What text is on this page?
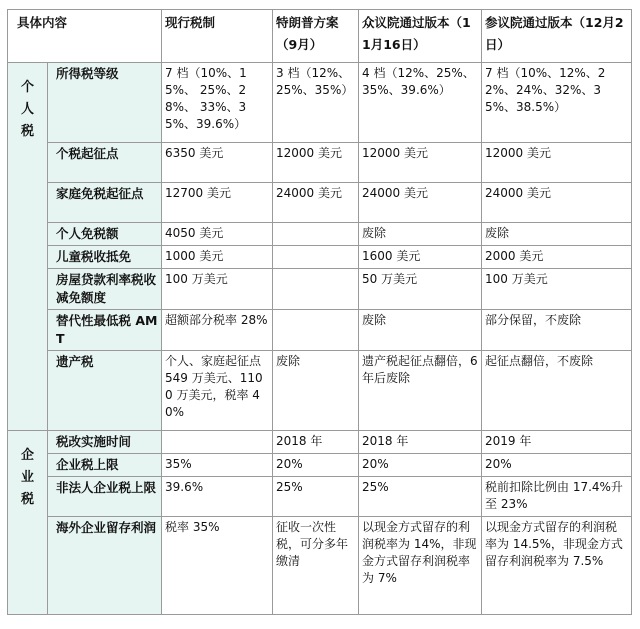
具体内容		现行税制	特朗普方案（9月）	众议院通过版本（11月16日）	参议院通过版本（12月2日）

个人税	所得税等级	7 档（10%、15%、 25%、28%、 33%、35%、39.6%）	3 档（12%、25%、35%）	4 档（12%、25%、35%、39.6%）	7 档（10%、12%、22%、24%、32%、35%、38.5%）
	个税起征点	6350 美元	12000 美元	12000 美元	12000 美元
	家庭免税起征点	12700 美元	24000 美元	24000 美元	24000 美元
	个人免税额	4050 美元		废除	废除
	儿童税收抵免	1000 美元		1600 美元	2000 美元
	房屋贷款利率税收减免额度	100 万美元		50 万美元	100 万美元
	替代性最低税 AMT	超额部分税率 28%		废除	部分保留，不废除
	遗产税	个人、家庭起征点 549 万美元、1100 万美元，税率 40%	废除	遗产税起征点翻倍，6 年后废除	起征点翻倍，不废除

企业税	税改实施时间		2018 年	2018 年	2019 年
	企业税上限	35%	20%	20%	20%
	非法人企业税上限	39.6%	25%	25%	税前扣除比例由 17.4%升至 23%
	海外企业留存利润	税率 35%	征收一次性税，可分多年缴清	以现金方式留存的利润税率为 14%，非现金方式留存利润税率为 7%	以现金方式留存的利润税率为 14.5%，非现金方式留存利润税率为 7.5%
